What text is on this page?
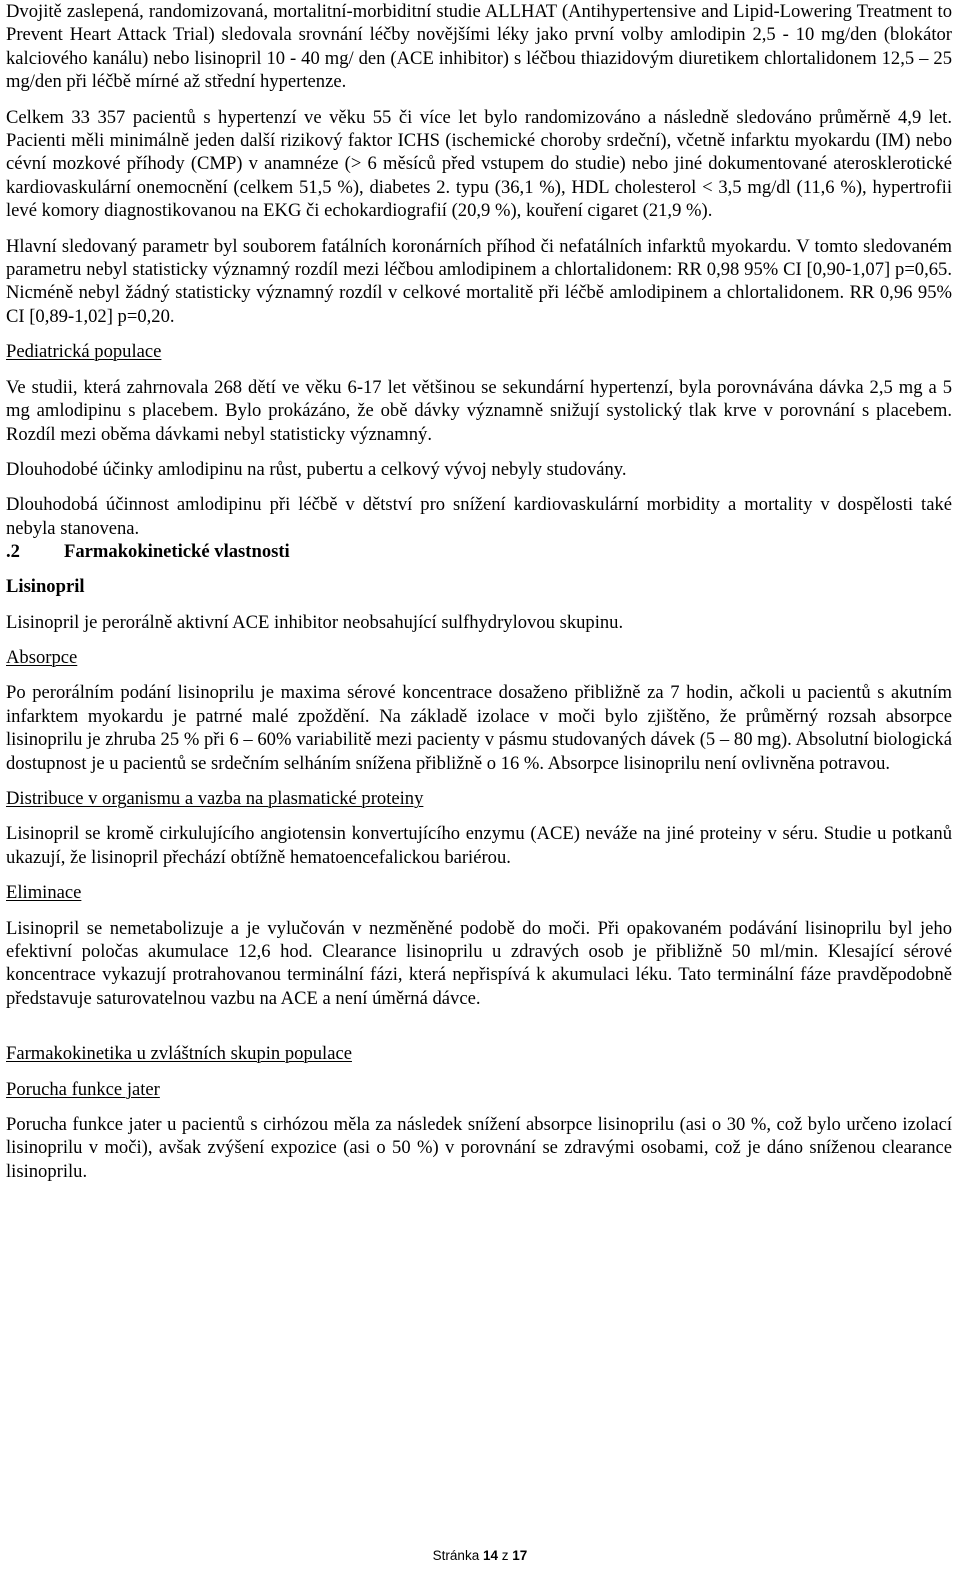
Dvojitě zaslepená, randomizovaná, mortalitní-morbiditní studie ALLHAT (Antihypertensive and Lipid-Lowering Treatment to Prevent Heart Attack Trial) sledovala srovnání léčby novějšími léky jako první volby amlodipin 2,5 - 10 mg/den (blokátor kalciového kanálu) nebo lisinopril 10 - 40 mg/ den (ACE inhibitor) s léčbou thiazidovým diuretikem chlortalidonem 12,5 – 25 mg/den při léčbě mírné až střední hypertenze.

Celkem 33 357 pacientů s hypertenzí ve věku 55 či více let bylo randomizováno a následně sledováno průměrně 4,9 let. Pacienti měli minimálně jeden další rizikový faktor ICHS (ischemické choroby srdeční), včetně infarktu myokardu (IM) nebo cévní mozkové příhody (CMP) v anamnéze (> 6 měsíců před vstupem do studie) nebo jiné dokumentované aterosklerotické kardiovaskulární onemocnění (celkem 51,5 %), diabetes 2. typu (36,1 %), HDL cholesterol < 3,5 mg/dl (11,6 %), hypertrofii levé komory diagnostikovanou na EKG či echokardiografií (20,9 %), kouření cigaret (21,9 %).

Hlavní sledovaný parametr byl souborem fatálních koronárních příhod či nefatálních infarktů myokardu. V tomto sledovaném parametru nebyl statisticky významný rozdíl mezi léčbou amlodipinem a chlortalidonem: RR 0,98 95% CI [0,90-1,07] p=0,65. Nicméně nebyl žádný statisticky významný rozdíl v celkové mortalitě při léčbě amlodipinem a chlortalidonem. RR 0,96 95% CI [0,89-1,02] p=0,20.

Pediatrická populace

Ve studii, která zahrnovala 268 dětí ve věku 6-17 let většinou se sekundární hypertenzí, byla porovnávána dávka 2,5 mg a 5 mg amlodipinu s placebem. Bylo prokázáno, že obě dávky významně snižují systolický tlak krve v porovnání s placebem. Rozdíl mezi oběma dávkami nebyl statisticky významný.

Dlouhodobé účinky amlodipinu na růst, pubertu a celkový vývoj nebyly studovány.

Dlouhodobá účinnost amlodipinu při léčbě v dětství pro snížení kardiovaskulární morbidity a mortality v dospělosti také nebyla stanovena.

.2 Farmakokinetické vlastnosti

Lisinopril

Lisinopril je perorálně aktivní ACE inhibitor neobsahující sulfhydrylovou skupinu.

Absorpce

Po perorálním podání lisinoprilu je maxima sérové koncentrace dosaženo přibližně za 7 hodin, ačkoli u pacientů s akutním infarktem myokardu je patrné malé zpoždění. Na základě izolace v moči bylo zjištěno, že průměrný rozsah absorpce lisinoprilu je zhruba 25 % při 6 – 60% variabilitě mezi pacienty v pásmu studovaných dávek (5 – 80 mg). Absolutní biologická dostupnost je u pacientů se srdečním selháním snížena přibližně o 16 %. Absorpce lisinoprilu není ovlivněna potravou.

Distribuce v organismu a vazba na plasmatické proteiny

Lisinopril se kromě cirkulujícího angiotensin konvertujícího enzymu (ACE) neváže na jiné proteiny v séru. Studie u potkanů ukazují, že lisinopril přechází obtížně hematoencefalickou bariérou.

Eliminace

Lisinopril se nemetabolizuje a je vylučován v nezměněné podobě do moči. Při opakovaném podávání lisinoprilu byl jeho efektivní poločas akumulace 12,6 hod. Clearance lisinoprilu u zdravých osob je přibližně 50 ml/min. Klesající sérové koncentrace vykazují protrahovanou terminální fázi, která nepřispívá k akumulaci léku. Tato terminální fáze pravděpodobně představuje saturovatelnou vazbu na ACE a není úměrná dávce.

Farmakokinetika u zvláštních skupin populace

Porucha funkce jater

Porucha funkce jater u pacientů s cirhózou měla za následek snížení absorpce lisinoprilu (asi o 30 %, což bylo určeno izolací lisinoprilu v moči), avšak zvýšení expozice (asi o 50 %) v porovnání se zdravými osobami, což je dáno sníženou clearance lisinoprilu.

Stránka 14 z 17
